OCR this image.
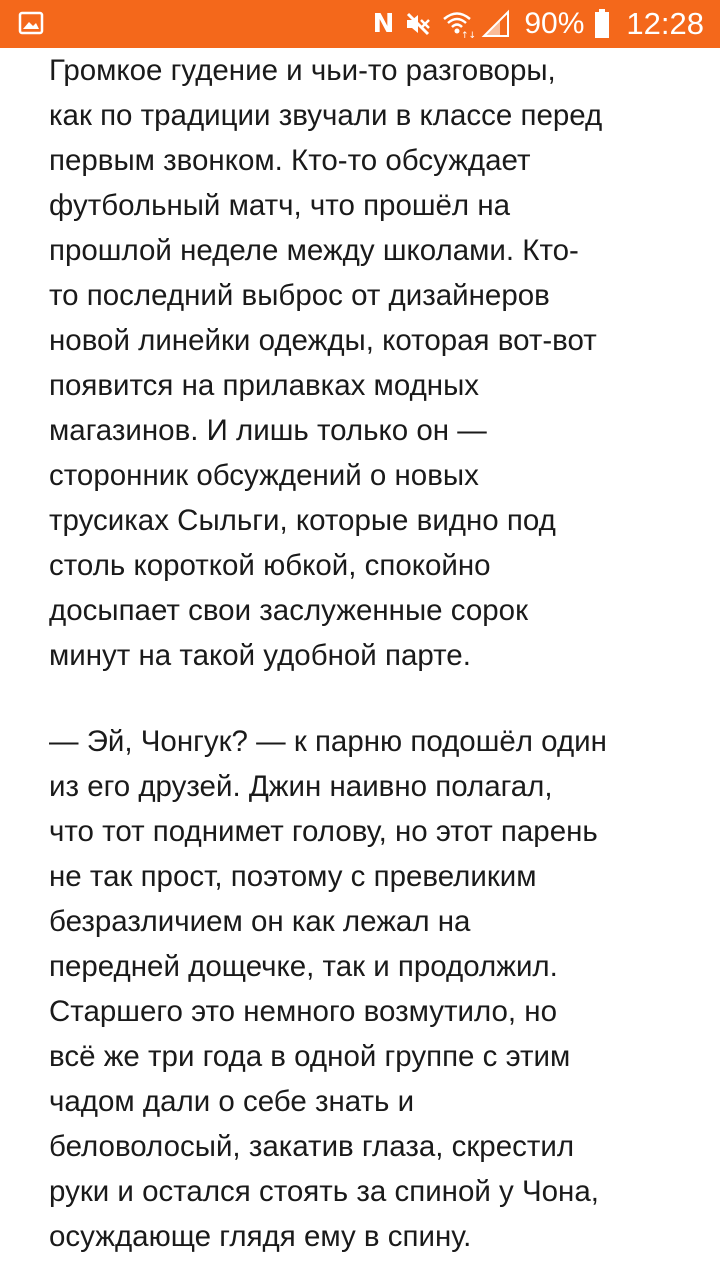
N	↑↓ 90% 12:28

Громкое гудение и чьи-то разговоры,
как по традиции звучали в классе перед
первым звонком. Кто-то обсуждает
футбольный матч, что прошёл на
прошлой неделе между школами. Кто-
то последний выброс от дизайнеров
новой линейки одежды, которая вот-вот
появится на прилавках модных
магазинов. И лишь только он —
сторонник обсуждений о новых
трусиках Сыльги, которые видно под
столь короткой юбкой, спокойно
досыпает свои заслуженные сорок
минут на такой удобной парте.

— Эй, Чонгук? — к парню подошёл один
из его друзей. Джин наивно полагал,
что тот поднимет голову, но этот парень
не так прост, поэтому с превеликим
безразличием он как лежал на
передней дощечке, так и продолжил.
Старшего это немного возмутило, но
всё же три года в одной группе с этим
чадом дали о себе знать и
беловолосый, закатив глаза, скрестил
руки и остался стоять за спиной у Чона,
осуждающе глядя ему в спину.
